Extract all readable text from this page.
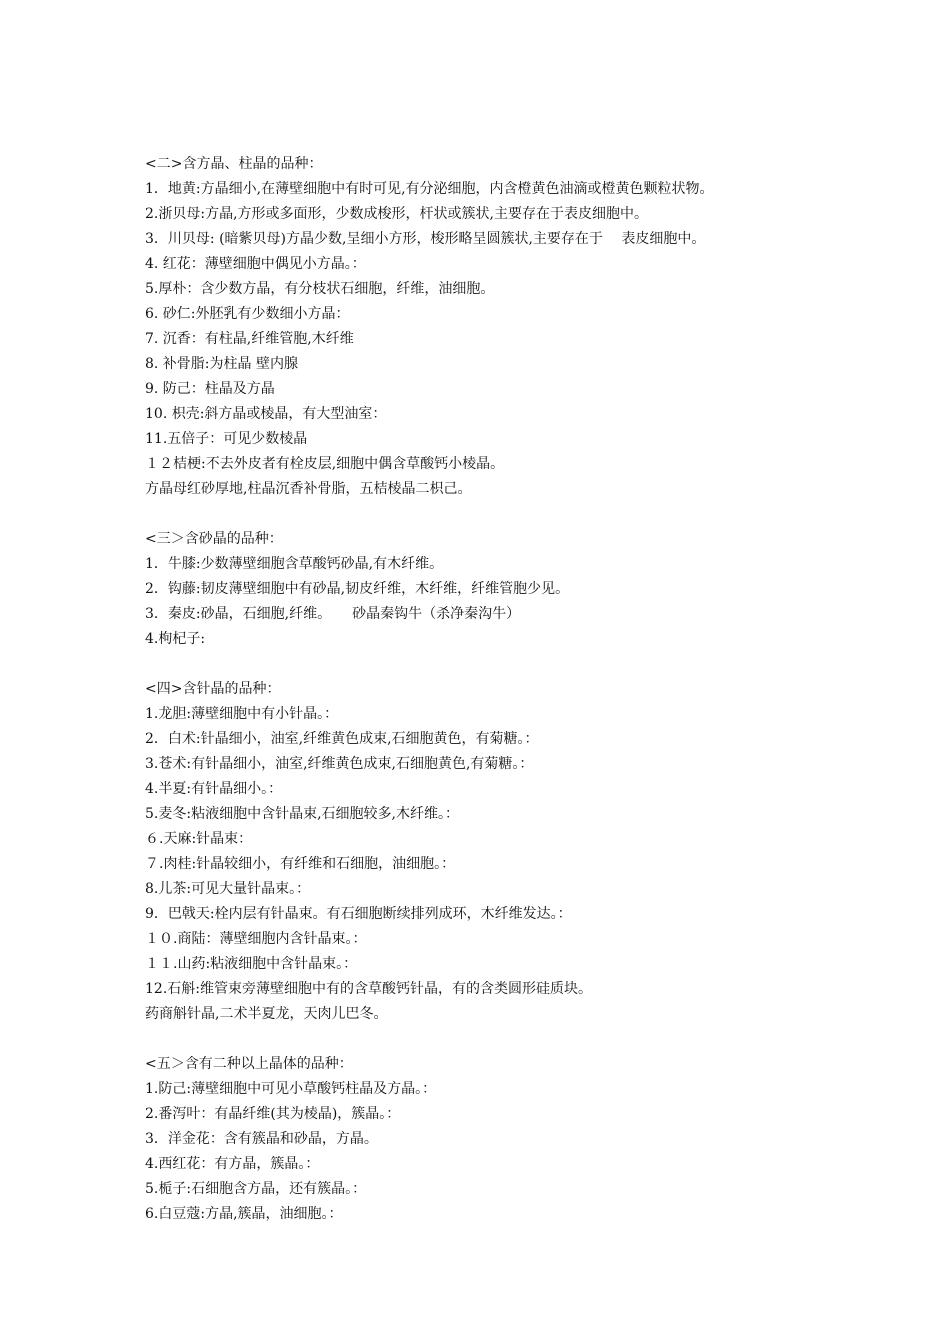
<二>含方晶、柱晶的品种：

1．地黄:方晶细小,在薄壁细胞中有时可见,有分泌细胞，内含橙黄色油滴或橙黄色颗粒状物。

2.浙贝母:方晶,方形或多面形，少数成梭形，杆状或簇状,主要存在于表皮细胞中。

3．川贝母: (暗紫贝母)方晶少数,呈细小方形，梭形略呈圆簇状,主要存在于　 表皮细胞中。

4. 红花：薄壁细胞中偶见小方晶。：

5.厚朴：含少数方晶，有分枝状石细胞，纤维，油细胞。

6. 砂仁:外胚乳有少数细小方晶：

7. 沉香：有柱晶,纤维管胞,木纤维

8. 补骨脂:为柱晶 壁内腺

9. 防己：柱晶及方晶

10. 枳壳:斜方晶或棱晶，有大型油室：

11.五倍子：可见少数棱晶

１２桔梗:不去外皮者有栓皮层,细胞中偶含草酸钙小棱晶。

方晶母红砂厚地,柱晶沉香补骨脂，五桔棱晶二枳己。

<三＞含砂晶的品种：

1．牛膝:少数薄壁细胞含草酸钙砂晶,有木纤维。

2．钩藤:韧皮薄壁细胞中有砂晶,韧皮纤维，木纤维，纤维管胞少见。

3．秦皮:砂晶，石细胞,纤维。　　砂晶秦钩牛（杀净秦沟牛）

4.枸杞子:

<四>含针晶的品种：

1.龙胆:薄壁细胞中有小针晶。：

2．白术:针晶细小，油室,纤维黄色成束,石细胞黄色，有菊糖。：

3.苍术:有针晶细小，油室,纤维黄色成束,石细胞黄色,有菊糖。：

4.半夏:有针晶细小。：

5.麦冬:粘液细胞中含针晶束,石细胞较多,木纤维。：

６.天麻:针晶束：

７.肉桂:针晶较细小，有纤维和石细胞，油细胞。：

8.儿茶:可见大量针晶束。：

9．巴戟天:栓内层有针晶束。有石细胞断续排列成环，木纤维发达。：

１０.商陆：薄壁细胞内含针晶束。：

１１.山药:粘液细胞中含针晶束。：

12.石斛:维管束旁薄壁细胞中有的含草酸钙针晶，有的含类圆形硅质块。

药商斛针晶,二术半夏龙，天肉儿巴冬。

<五＞含有二种以上晶体的品种：

1.防己:薄壁细胞中可见小草酸钙柱晶及方晶。：

2.番泻叶：有晶纤维(其为棱晶)，簇晶。：

3．洋金花：含有簇晶和砂晶，方晶。

4.西红花：有方晶，簇晶。：

5.栀子:石细胞含方晶，还有簇晶。：

6.白豆蔻:方晶,簇晶，油细胞。：
